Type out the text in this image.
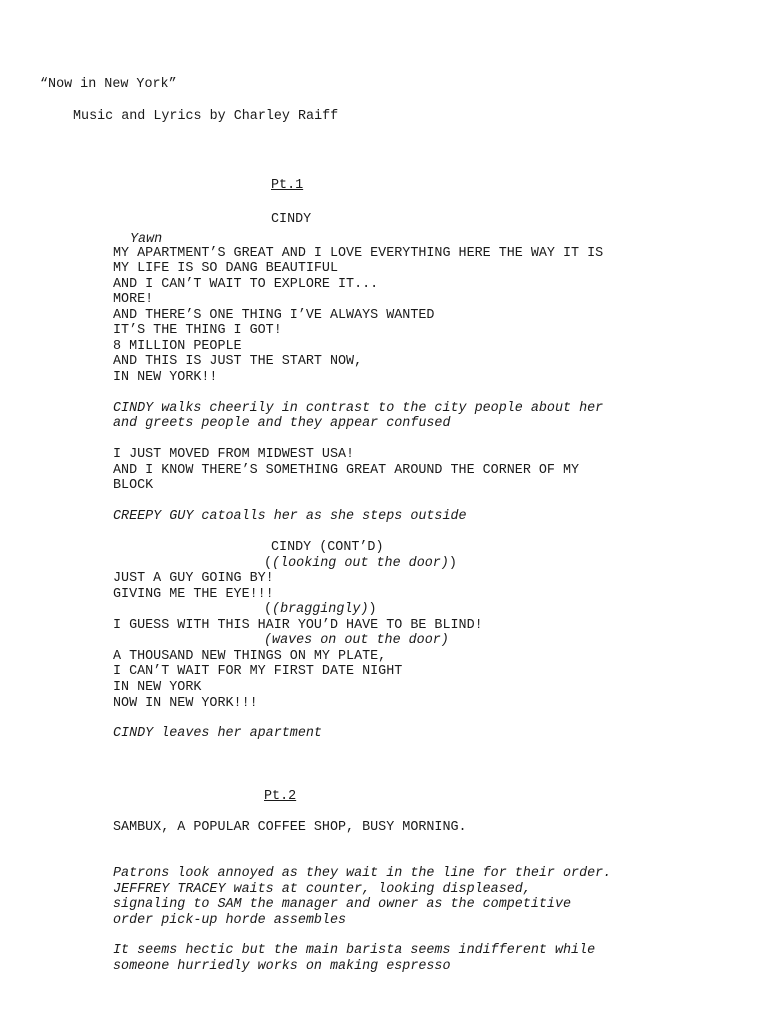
“Now in New York”

Music and Lyrics by Charley Raiff

Pt.1

CINDY

Yawn

MY APARTMENT’S GREAT AND I LOVE EVERYTHING HERE THE WAY IT IS

MY LIFE IS SO DANG BEAUTIFUL

AND I CAN’T WAIT TO EXPLORE IT...

MORE!

AND THERE’S ONE THING I’VE ALWAYS WANTED

IT’S THE THING I GOT!

8 MILLION PEOPLE

AND THIS IS JUST THE START NOW,

IN NEW YORK!!

CINDY walks cheerily in contrast to the city people about her

and greets people and they appear confused

I JUST MOVED FROM MIDWEST USA!

AND I KNOW THERE’S SOMETHING GREAT AROUND THE CORNER OF MY

BLOCK

CREEPY GUY catoalls her as she steps outside

CINDY (CONT’D)

((looking out the door))

JUST A GUY GOING BY!

GIVING ME THE EYE!!!

((braggingly))

I GUESS WITH THIS HAIR YOU’D HAVE TO BE BLIND!

(waves on out the door)

A THOUSAND NEW THINGS ON MY PLATE,

I CAN’T WAIT FOR MY FIRST DATE NIGHT

IN NEW YORK

NOW IN NEW YORK!!!

CINDY leaves her apartment

Pt.2

SAMBUX, A POPULAR COFFEE SHOP, BUSY MORNING.

Patrons look annoyed as they wait in the line for their order.

JEFFREY TRACEY waits at counter, looking displeased,

signaling to SAM the manager and owner as the competitive

order pick-up horde assembles

It seems hectic but the main barista seems indifferent while

someone hurriedly works on making espresso
